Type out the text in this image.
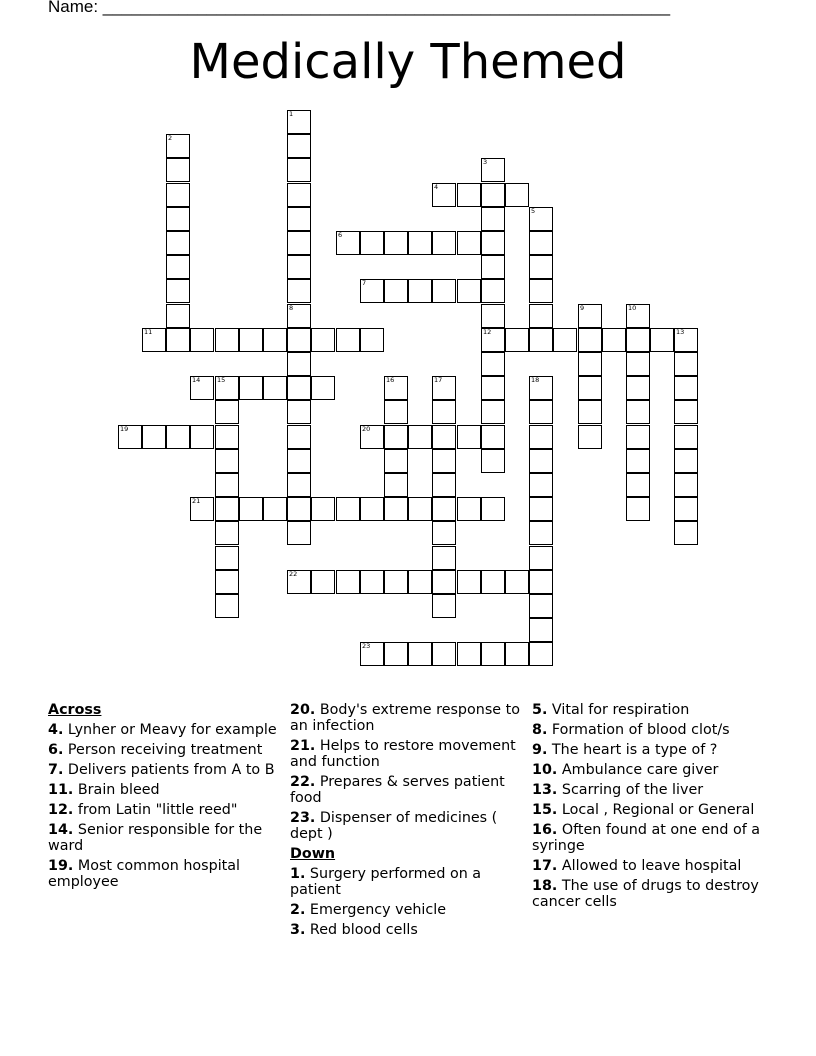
Name: ____________________________________________________________
Medically Themed
1
8
2
3
12
4
5
6
7
9	10
11	13
14	15	16	17	18
19	20
21
22
23
Across
4. Lynher or Meavy for example
6. Person receiving treatment
7. Delivers patients from A to B
11. Brain bleed
12. from Latin "little reed"
14. Senior responsible for the ward
19. Most common hospital employee
20. Body's extreme response to an infection
21. Helps to restore movement and function
22. Prepares & serves patient food
23. Dispenser of medicines ( dept )
Down
1. Surgery performed on a patient
2. Emergency vehicle
3. Red blood cells
5. Vital for respiration
8. Formation of blood clot/s
9. The heart is a type of ?
10. Ambulance care giver
13. Scarring of the liver
15. Local , Regional or General
16. Often found at one end of a syringe
17. Allowed to leave hospital
18. The use of drugs to destroy cancer cells
